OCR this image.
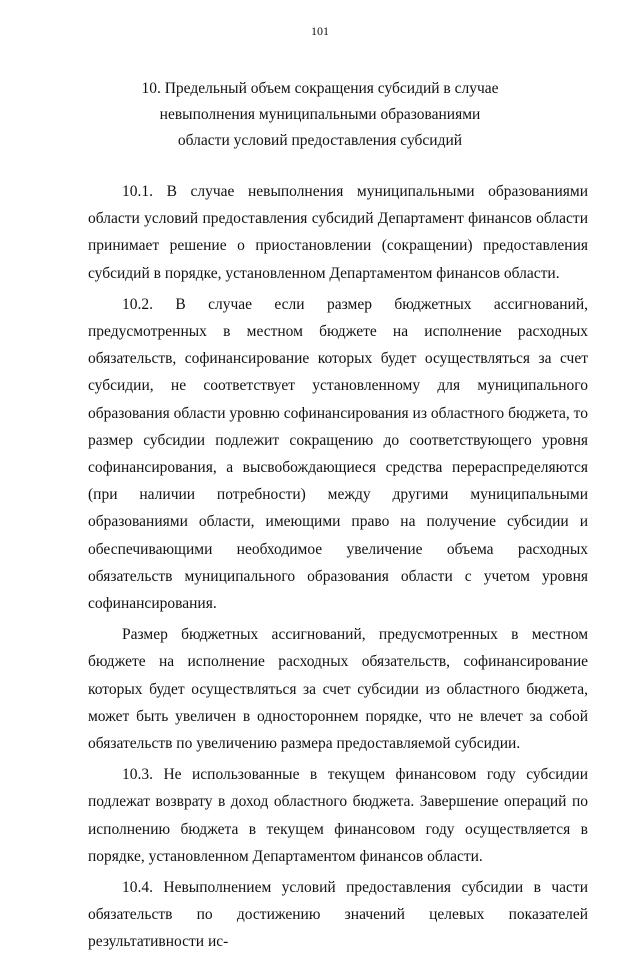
101
10. Предельный объем сокращения субсидий в случае
невыполнения муниципальными образованиями
области условий предоставления субсидий

10.1. В случае невыполнения муниципальными образованиями области условий предоставления субсидий Департамент финансов области принимает решение о приостановлении (сокращении) предоставления субсидий в порядке, установленном Департаментом финансов области.

10.2. В случае если размер бюджетных ассигнований, предусмотренных в местном бюджете на исполнение расходных обязательств, софинансирование которых будет осуществляться за счет субсидии, не соответствует установленному для муниципального образования области уровню софинансирования из областного бюджета, то размер субсидии подлежит сокращению до соответствующего уровня софинансирования, а высвобождающиеся средства перераспределяются (при наличии потребности) между другими муниципальными образованиями области, имеющими право на получение субсидии и обеспечивающими необходимое увеличение объема расходных обязательств муниципального образования области с учетом уровня софинансирования.

Размер бюджетных ассигнований, предусмотренных в местном бюджете на исполнение расходных обязательств, софинансирование которых будет осуществляться за счет субсидии из областного бюджета, может быть увеличен в одностороннем порядке, что не влечет за собой обязательств по увеличению размера предоставляемой субсидии.

10.3. Не использованные в текущем финансовом году субсидии подлежат возврату в доход областного бюджета. Завершение операций по исполнению бюджета в текущем финансовом году осуществляется в порядке, установленном Департаментом финансов области.

10.4. Невыполнением условий предоставления субсидии в части обязательств по достижению значений целевых показателей результативности ис-
